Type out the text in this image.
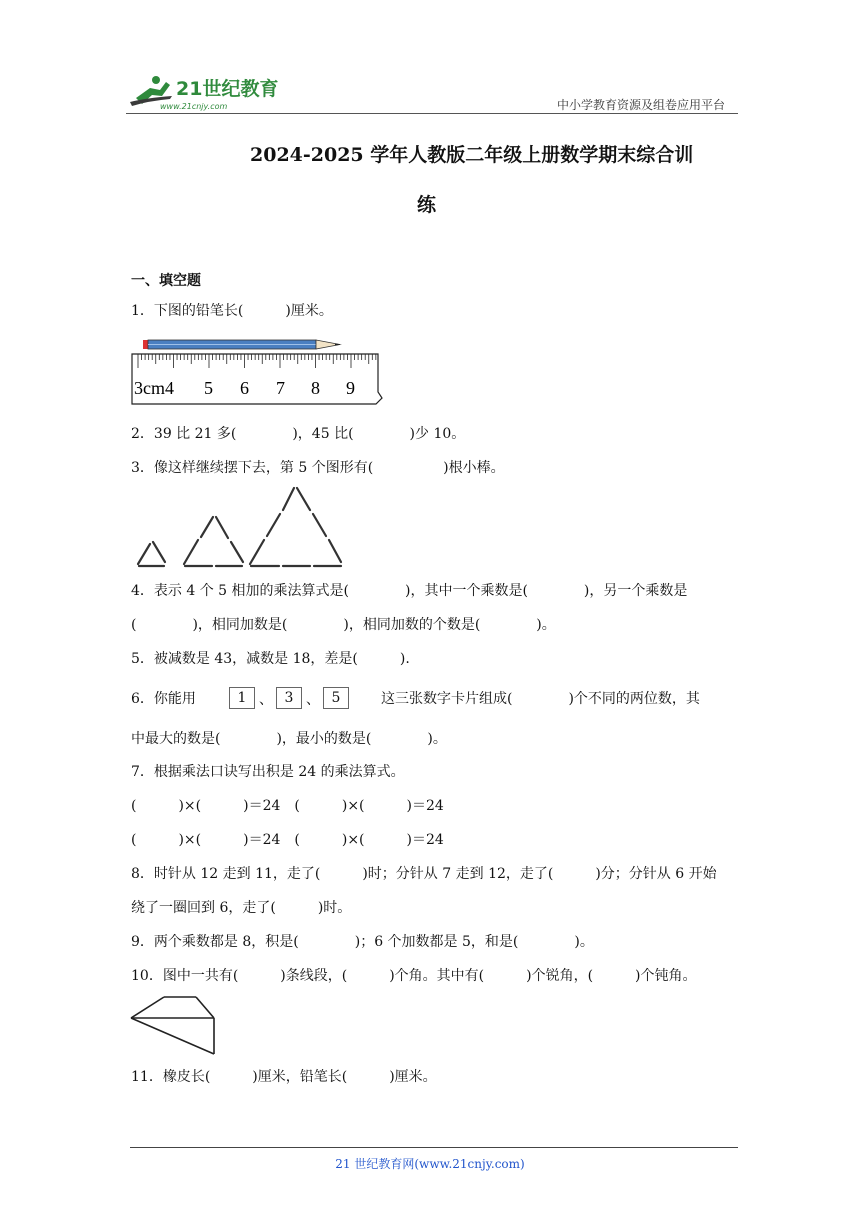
21世纪教育
www.21cnjy.com	中小学教育资源及组卷应用平台
2024-2025 学年人教版二年级上册数学期末综合训
练
一、填空题
1．下图的铅笔长(　　　)厘米。
3cm4 5 6 7 8 9
2．39 比 21 多(　　　　)，45 比(　　　　)少 10。
3．像这样继续摆下去，第 5 个图形有(　　　　　)根小棒。
4．表示 4 个 5 相加的乘法算式是(　　　　)，其中一个乘数是(　　　　)，另一个乘数是
(　　　　)，相同加数是(　　　　)，相同加数的个数是(　　　　)。
5．被减数是 43，减数是 18，差是(　　　).
6．你能用	1 、 3 、 5	这三张数字卡片组成(　　　　)个不同的两位数，其
中最大的数是(　　　　)，最小的数是(　　　　)。
7．根据乘法口诀写出积是 24 的乘法算式。
(　　　)×(　　　)＝24　(　　　)×(　　　)＝24
(　　　)×(　　　)＝24　(　　　)×(　　　)＝24
8．时针从 12 走到 11，走了(　　　)时；分针从 7 走到 12，走了(　　　)分；分针从 6 开始
绕了一圈回到 6，走了(　　　)时。
9．两个乘数都是 8，积是(　　　　)；6 个加数都是 5，和是(　　　　)。
10．图中一共有(　　　)条线段，(　　　)个角。其中有(　　　)个锐角，(　　　)个钝角。
11．橡皮长(　　　)厘米，铅笔长(　　　)厘米。
21 世纪教育网(www.21cnjy.com)
